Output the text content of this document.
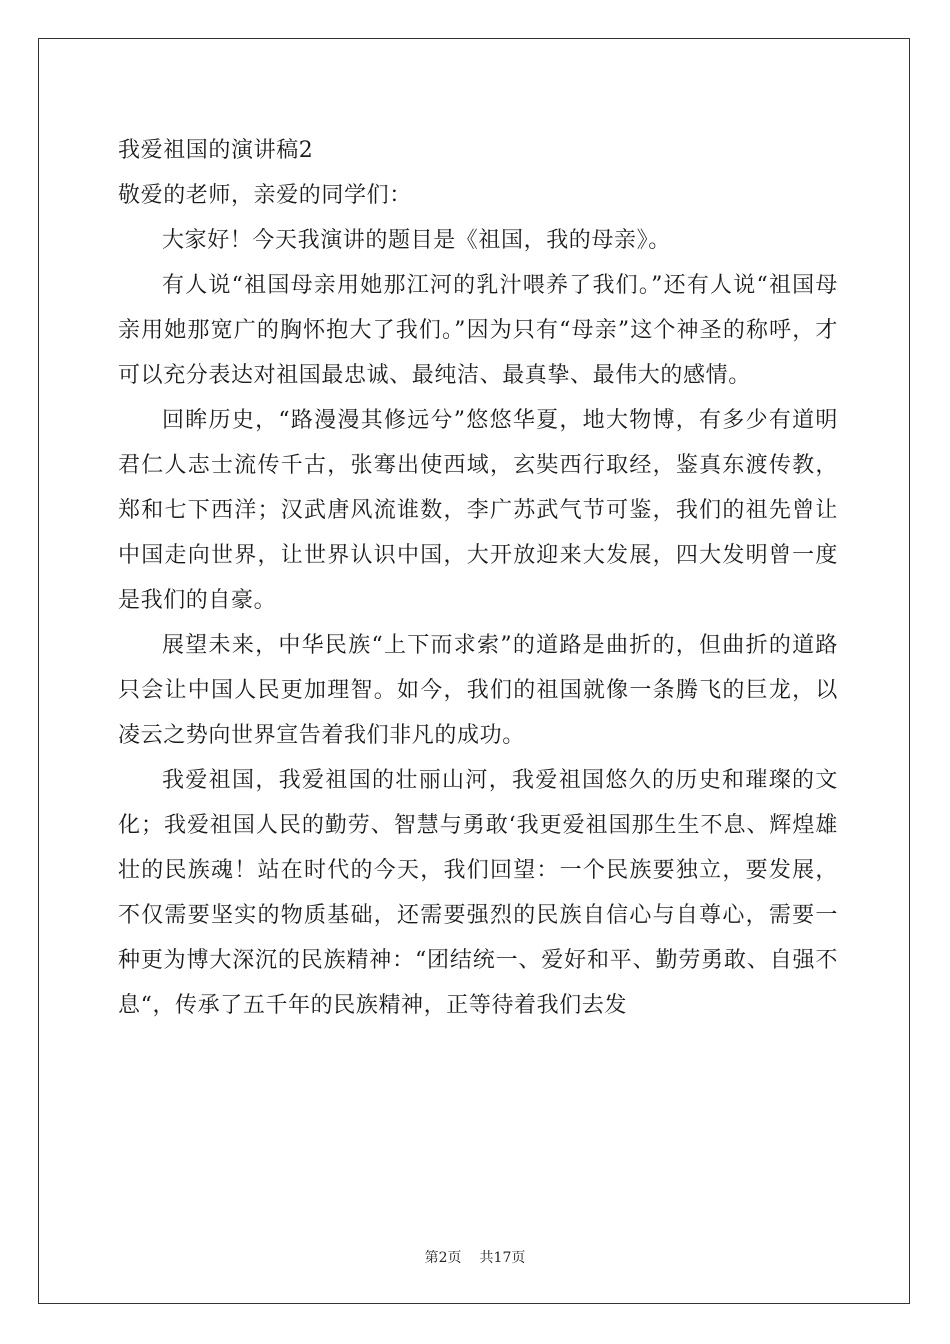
我爱祖国的演讲稿2

敬爱的老师，亲爱的同学们：

大家好！今天我演讲的题目是《祖国，我的母亲》。

有人说“祖国母亲用她那江河的乳汁喂养了我们。”还有人说“祖国母亲用她那宽广的胸怀抱大了我们。”因为只有“母亲”这个神圣的称呼，才可以充分表达对祖国最忠诚、最纯洁、最真挚、最伟大的感情。

回眸历史，“路漫漫其修远兮”悠悠华夏，地大物博，有多少有道明君仁人志士流传千古，张骞出使西域，玄奘西行取经，鉴真东渡传教，郑和七下西洋；汉武唐风流谁数，李广苏武气节可鉴，我们的祖先曾让中国走向世界，让世界认识中国，大开放迎来大发展，四大发明曾一度是我们的自豪。

展望未来，中华民族“上下而求索”的道路是曲折的，但曲折的道路只会让中国人民更加理智。如今，我们的祖国就像一条腾飞的巨龙，以凌云之势向世界宣告着我们非凡的成功。

我爱祖国，我爱祖国的壮丽山河，我爱祖国悠久的历史和璀璨的文化；我爱祖国人民的勤劳、智慧与勇敢‘我更爱祖国那生生不息、辉煌雄壮的民族魂！站在时代的今天，我们回望：一个民族要独立，要发展，不仅需要坚实的物质基础，还需要强烈的民族自信心与自尊心，需要一种更为博大深沉的民族精神：“团结统一、爱好和平、勤劳勇敢、自强不息“，传承了五千年的民族精神，正等待着我们去发

第2页 共17页
